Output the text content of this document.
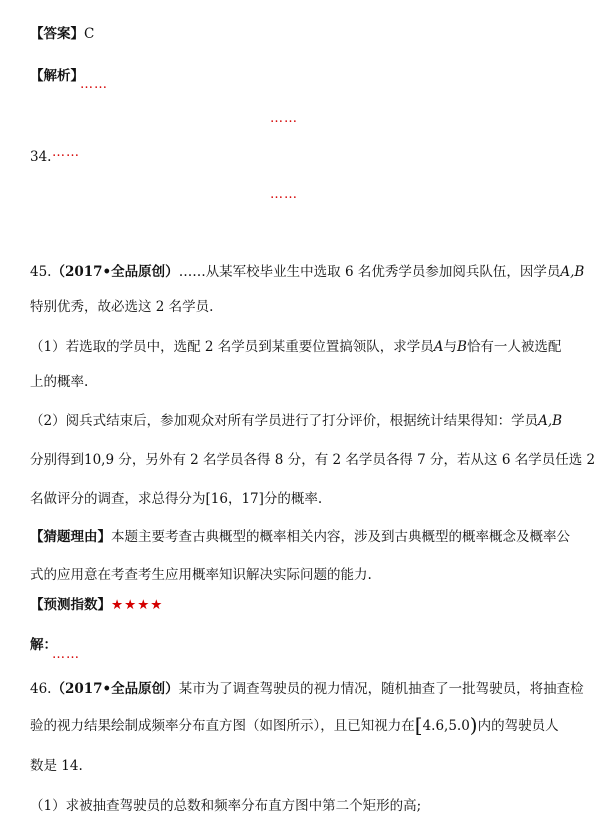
【答案】C
【解析】
……
……
34. ……
……
45.（2017•全品原创）……从某军校毕业生中选取 6 名优秀学员参加阅兵队伍，因学员A,B
特别优秀，故必选这 2 名学员.
（1）若选取的学员中，选配 2 名学员到某重要位置搞领队，求学员A与B恰有一人被选配
上的概率.
（2）阅兵式结束后，参加观众对所有学员进行了打分评价，根据统计结果得知：学员A,B
分别得到10,9 分，另外有 2 名学员各得 8 分，有 2 名学员各得 7 分，若从这 6 名学员任选 2
名做评分的调查，求总得分为[16，17]分的概率.
【猜题理由】本题主要考查古典概型的概率相关内容，涉及到古典概型的概率概念及概率公
式的应用意在考查考生应用概率知识解决实际问题的能力.
【预测指数】★★★★
解：
……
46.（2017•全品原创）某市为了调查驾驶员的视力情况，随机抽查了一批驾驶员，将抽查检
验的视力结果绘制成频率分布直方图（如图所示），且已知视力在[4.6,5.0)内的驾驶员人
数是 14.
（1）求被抽查驾驶员的总数和频率分布直方图中第二个矩形的高;
